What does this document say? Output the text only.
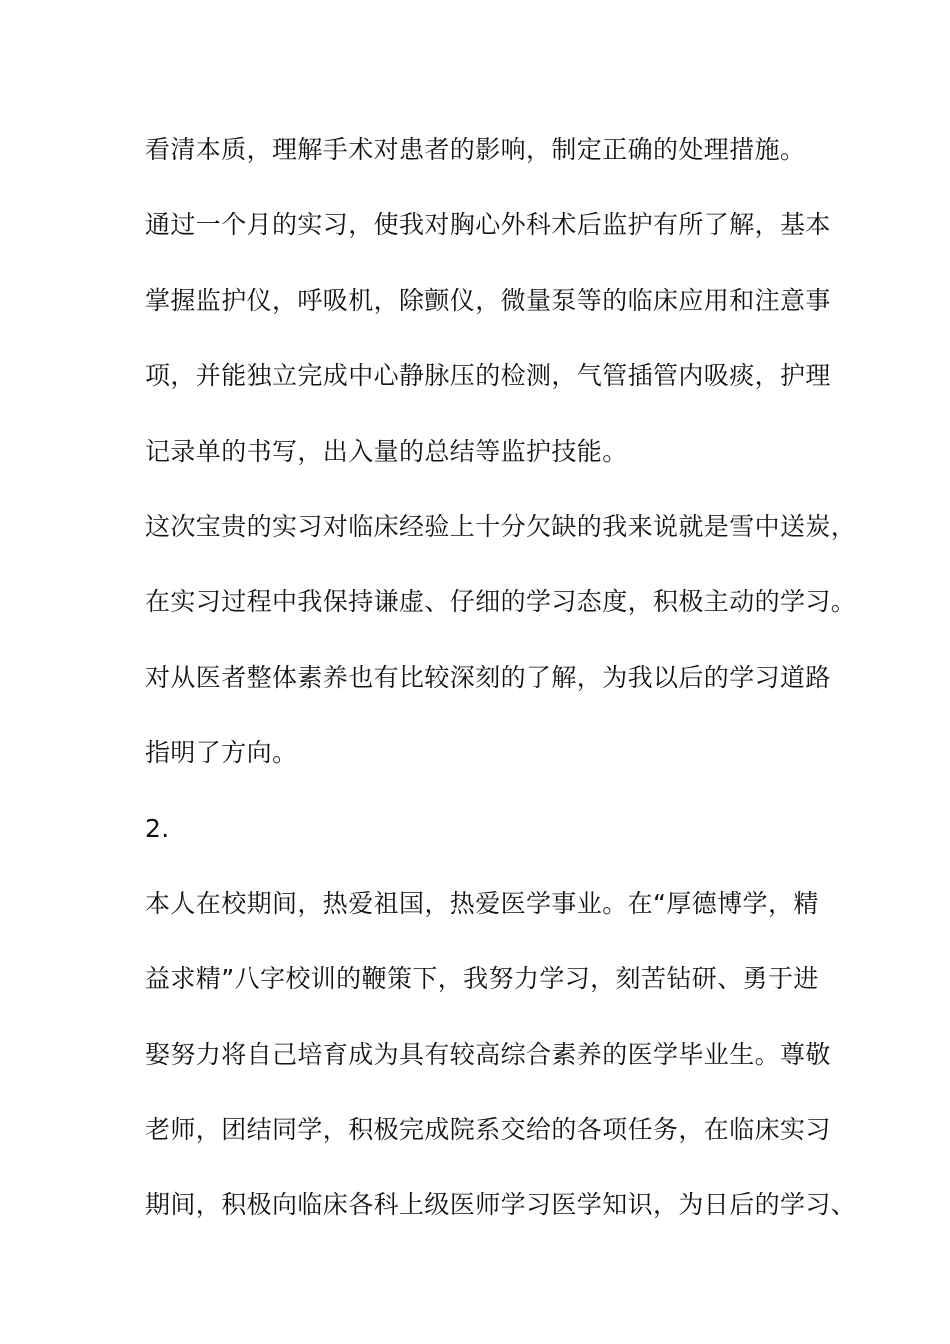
看清本质，理解手术对患者的影响，制定正确的处理措施。

通过一个月的实习，使我对胸心外科术后监护有所了解，基本

掌握监护仪，呼吸机，除颤仪，微量泵等的临床应用和注意事

项，并能独立完成中心静脉压的检测，气管插管内吸痰，护理

记录单的书写，出入量的总结等监护技能。

这次宝贵的实习对临床经验上十分欠缺的我来说就是雪中送炭，

在实习过程中我保持谦虚、仔细的学习态度，积极主动的学习。

对从医者整体素养也有比较深刻的了解，为我以后的学习道路

指明了方向。

2.

本人在校期间，热爱祖国，热爱医学事业。在“厚德博学，精

益求精”八字校训的鞭策下，我努力学习，刻苦钻研、勇于进

娶努力将自己培育成为具有较高综合素养的医学毕业生。尊敬

老师，团结同学，积极完成院系交给的各项任务，在临床实习

期间，积极向临床各科上级医师学习医学知识，为日后的学习、
